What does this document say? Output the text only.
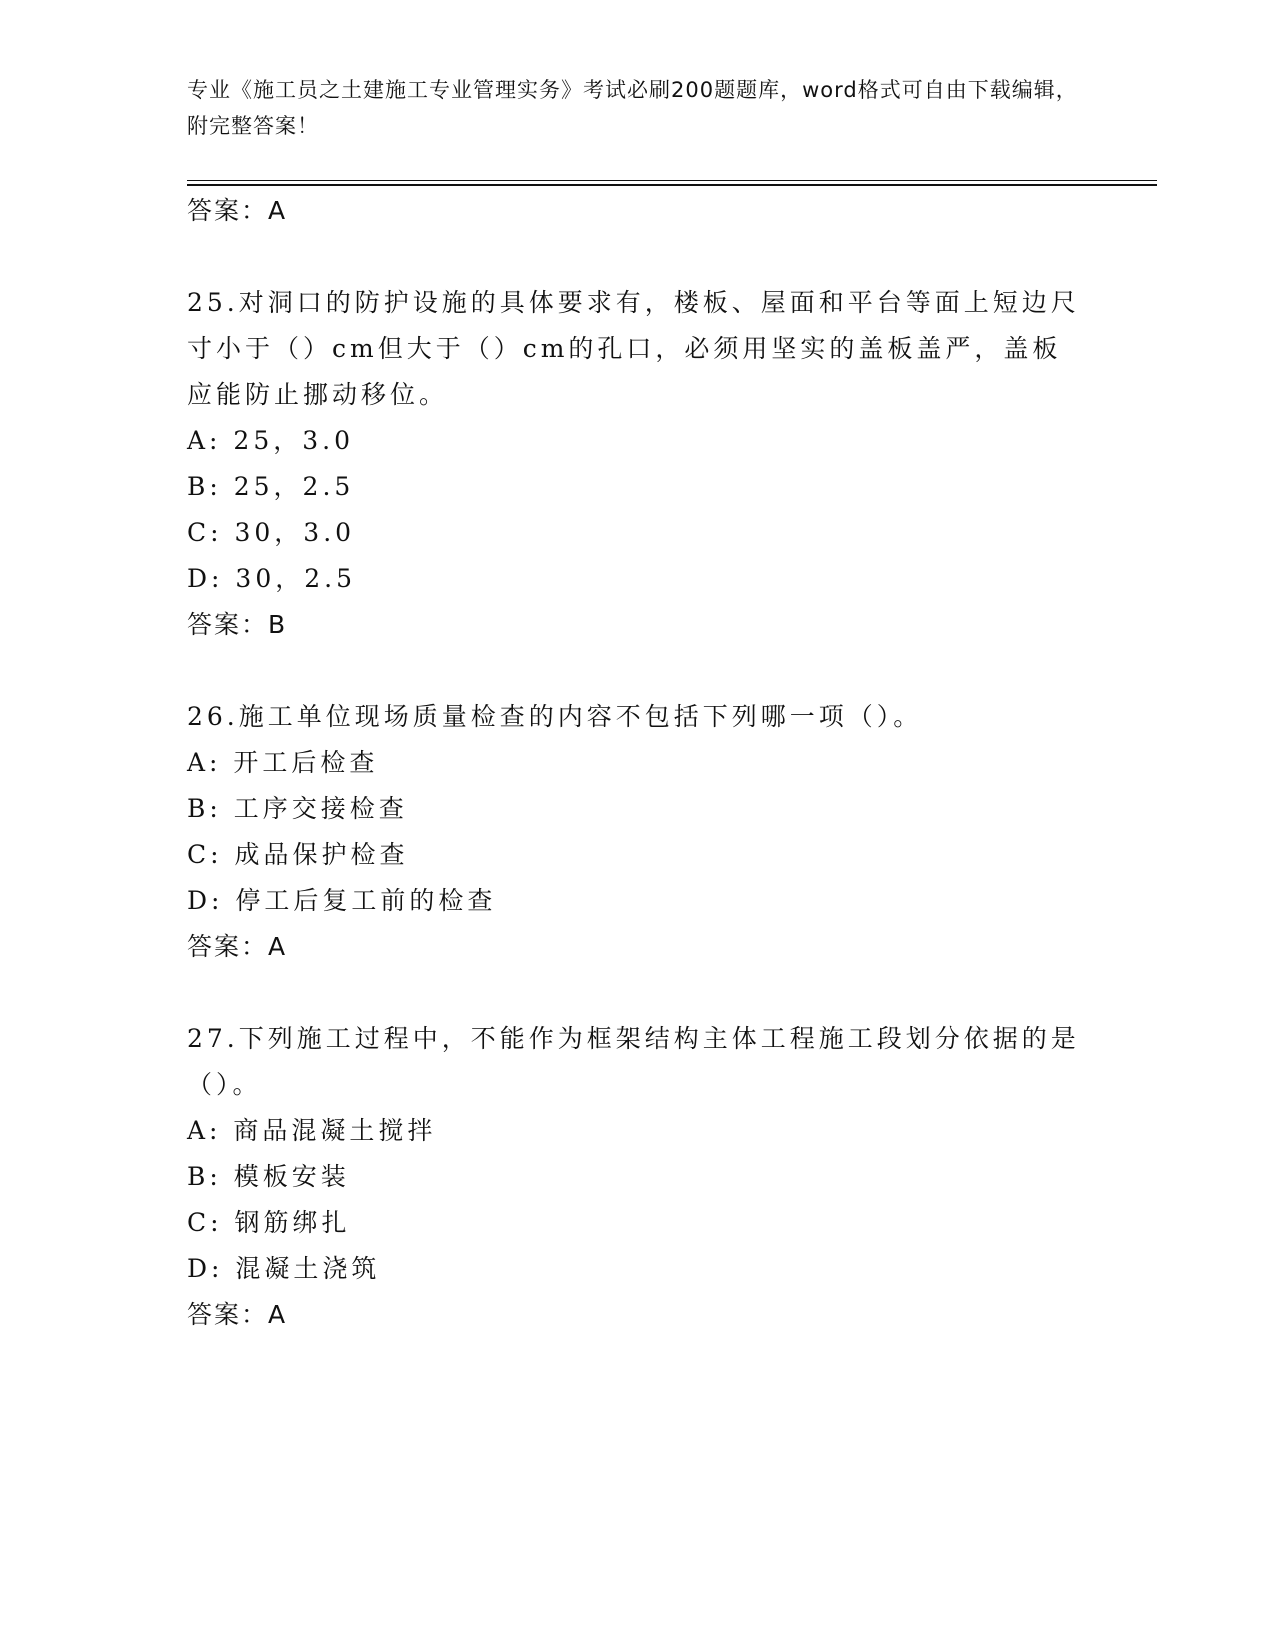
专业《施工员之土建施工专业管理实务》考试必刷200题题库，word格式可自由下载编辑，附完整答案！
答案：A
25.对洞口的防护设施的具体要求有，楼板、屋面和平台等面上短边尺寸小于（）cm但大于（）cm的孔口，必须用坚实的盖板盖严，盖板应能防止挪动移位。
A: 25，3.0
B: 25，2.5
C: 30，3.0
D: 30，2.5
答案：B
26.施工单位现场质量检查的内容不包括下列哪一项（）。
A: 开工后检查
B: 工序交接检查
C: 成品保护检查
D: 停工后复工前的检查
答案：A
27.下列施工过程中，不能作为框架结构主体工程施工段划分依据的是（）。
A: 商品混凝土搅拌
B: 模板安装
C: 钢筋绑扎
D: 混凝土浇筑
答案：A
